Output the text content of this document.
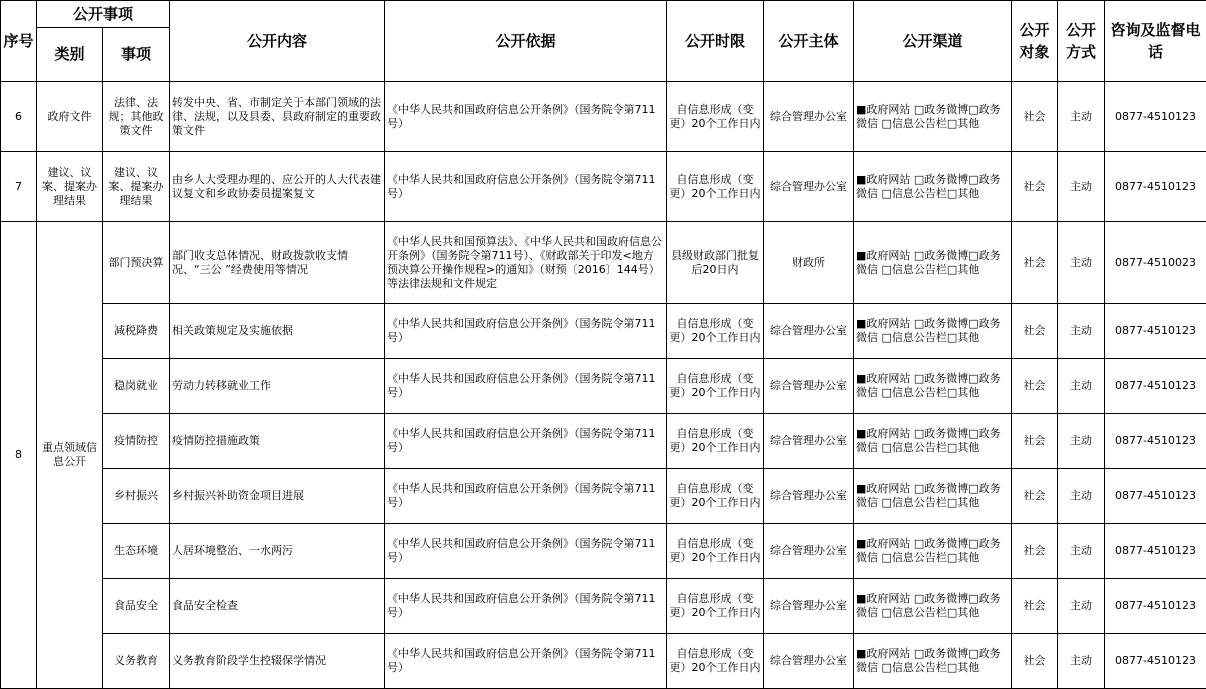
序号	公开事项		公开内容	公开依据	公开时限	公开主体	公开渠道	公开对象	公开方式	咨询及监督电话
	类别	事项								
6	政府文件	法律、法规；其他政策文件	转发中央、省、市制定关于本部门领域的法律、法规，以及县委、县政府制定的重要政策文件	《中华人民共和国政府信息公开条例》（国务院令第711号）	自信息形成（变更）20个工作日内	综合管理办公室	■政府网站 □政务微博□政务微信 □信息公告栏□其他	社会	主动	0877-4510123
7	建议、议案、提案办理结果	建议、议案、提案办理结果	由乡人大受理办理的、应公开的人大代表建议复文和乡政协委员提案复文	《中华人民共和国政府信息公开条例》（国务院令第711号）	自信息形成（变更）20个工作日内	综合管理办公室	■政府网站 □政务微博□政务微信 □信息公告栏□其他	社会	主动	0877-4510123
8	重点领域信息公开	部门预决算	部门收支总体情况、财政拨款收支情况、“三公 ”经费使用等情况	《中华人民共和国预算法》、《中华人民共和国政府信息公开条例》（国务院令第711号）、《财政部关于印发<地方预决算公开操作规程>的通知》（财预〔2016〕144号）等法律法规和文件规定	县级财政部门批复后20日内	财政所	■政府网站 □政务微博□政务微信 □信息公告栏□其他	社会	主动	0877-4510023
		减税降费	相关政策规定及实施依据	《中华人民共和国政府信息公开条例》（国务院令第711号）	自信息形成（变更）20个工作日内	综合管理办公室	■政府网站 □政务微博□政务微信 □信息公告栏□其他	社会	主动	0877-4510123
		稳岗就业	劳动力转移就业工作	《中华人民共和国政府信息公开条例》（国务院令第711号）	自信息形成（变更）20个工作日内	综合管理办公室	■政府网站 □政务微博□政务微信 □信息公告栏□其他	社会	主动	0877-4510123
		疫情防控	疫情防控措施政策	《中华人民共和国政府信息公开条例》（国务院令第711号）	自信息形成（变更）20个工作日内	综合管理办公室	■政府网站 □政务微博□政务微信 □信息公告栏□其他	社会	主动	0877-4510123
		乡村振兴	乡村振兴补助资金项目进展	《中华人民共和国政府信息公开条例》（国务院令第711号）	自信息形成（变更）20个工作日内	综合管理办公室	■政府网站 □政务微博□政务微信 □信息公告栏□其他	社会	主动	0877-4510123
		生态环境	人居环境整治、一水两污	《中华人民共和国政府信息公开条例》（国务院令第711号）	自信息形成（变更）20个工作日内	综合管理办公室	■政府网站 □政务微博□政务微信 □信息公告栏□其他	社会	主动	0877-4510123
		食品安全	食品安全检查	《中华人民共和国政府信息公开条例》（国务院令第711号）	自信息形成（变更）20个工作日内	综合管理办公室	■政府网站 □政务微博□政务微信 □信息公告栏□其他	社会	主动	0877-4510123
		义务教育	义务教育阶段学生控辍保学情况	《中华人民共和国政府信息公开条例》（国务院令第711号）	自信息形成（变更）20个工作日内	综合管理办公室	■政府网站 □政务微博□政务微信 □信息公告栏□其他	社会	主动	0877-4510123
